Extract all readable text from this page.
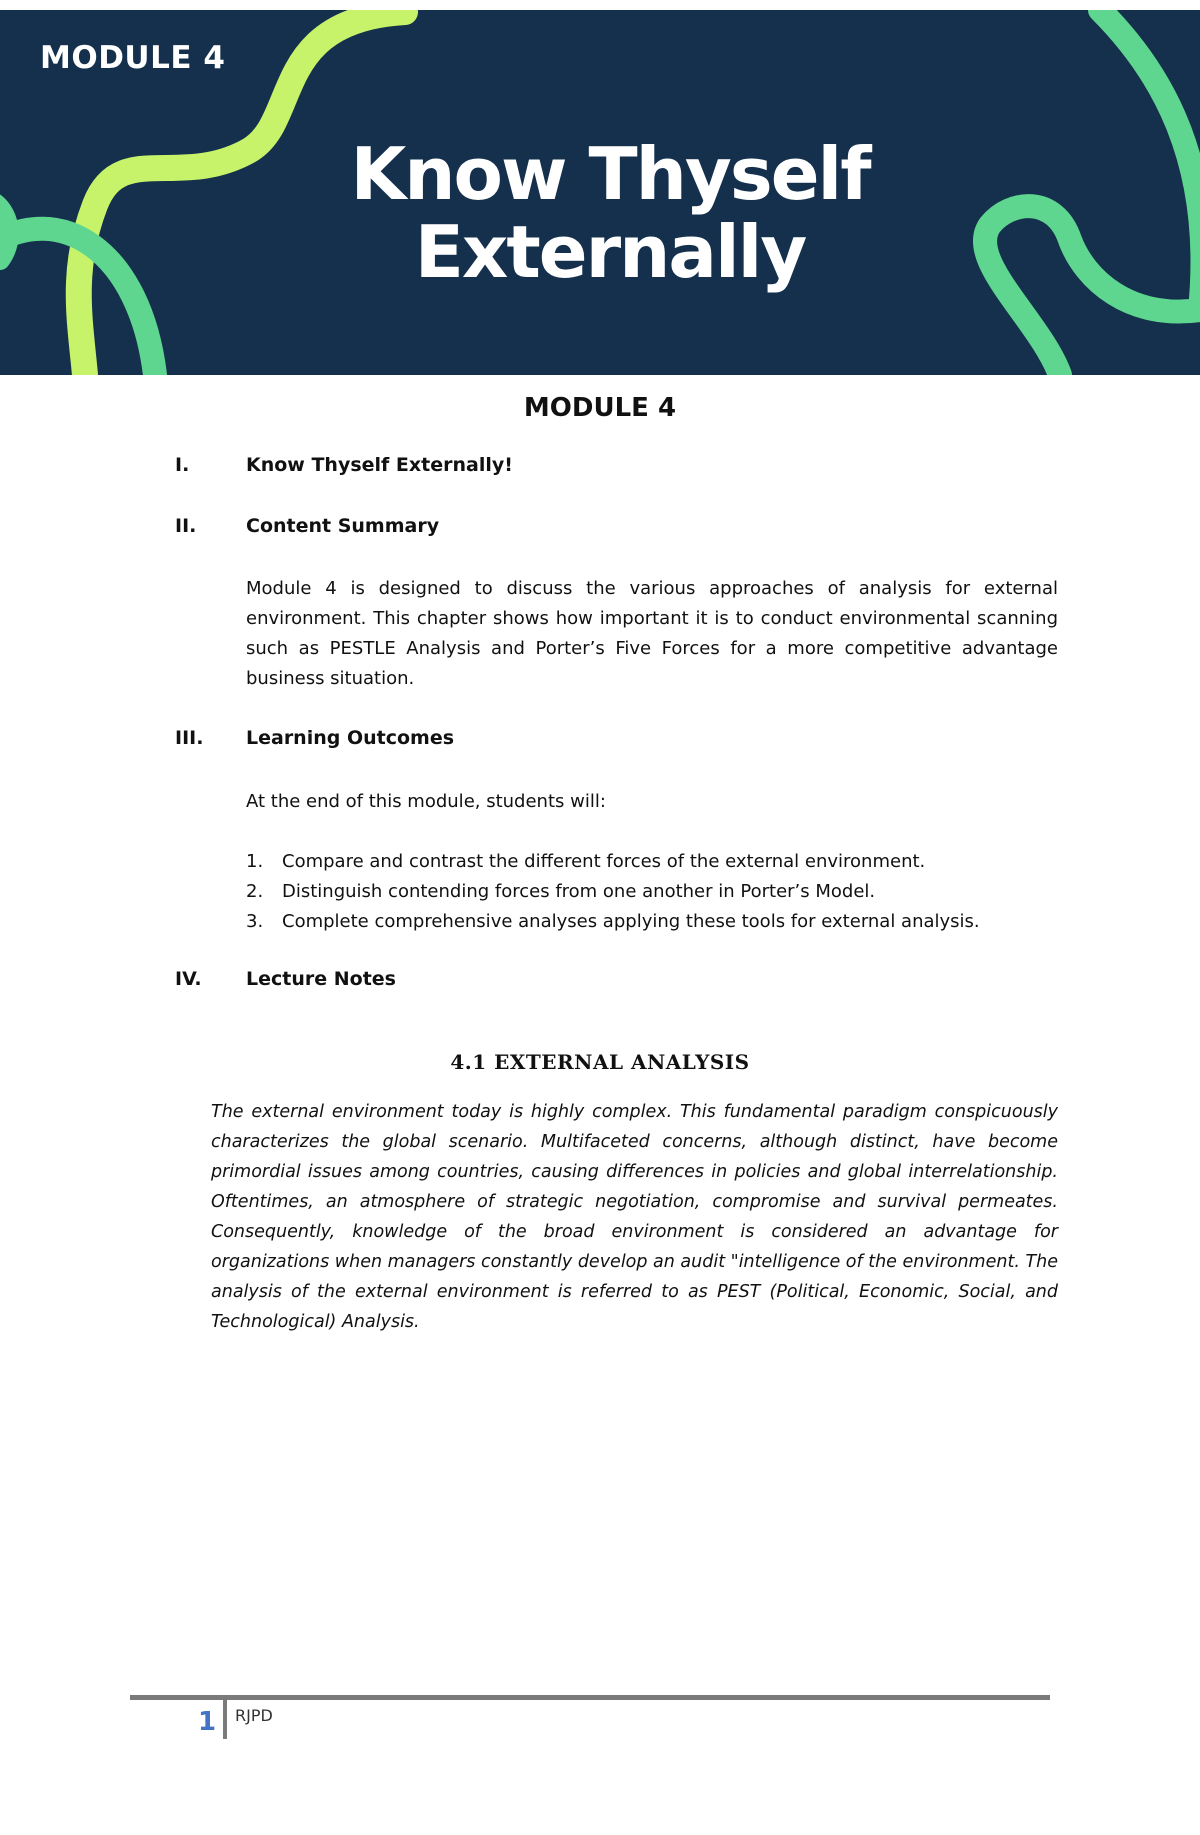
MODULE 4
Know Thyself
Externally
MODULE 4
I.	Know Thyself Externally!
II.	Content Summary
Module 4 is designed to discuss the various approaches of analysis for external environment. This chapter shows how important it is to conduct environmental scanning such as PESTLE Analysis and Porter’s Five Forces for a more competitive advantage business situation.
III.	Learning Outcomes
At the end of this module, students will:
1. Compare and contrast the different forces of the external environment.
2. Distinguish contending forces from one another in Porter’s Model.
3. Complete comprehensive analyses applying these tools for external analysis.
IV.	Lecture Notes
4.1 EXTERNAL ANALYSIS
The external environment today is highly complex. This fundamental paradigm conspicuously characterizes the global scenario. Multifaceted concerns, although distinct, have become primordial issues among countries, causing differences in policies and global interrelationship. Oftentimes, an atmosphere of strategic negotiation, compromise and survival permeates. Consequently, knowledge of the broad environment is considered an advantage for organizations when managers constantly develop an audit "intelligence of the environment. The analysis of the external environment is referred to as PEST (Political, Economic, Social, and Technological) Analysis.
1 RJPD
